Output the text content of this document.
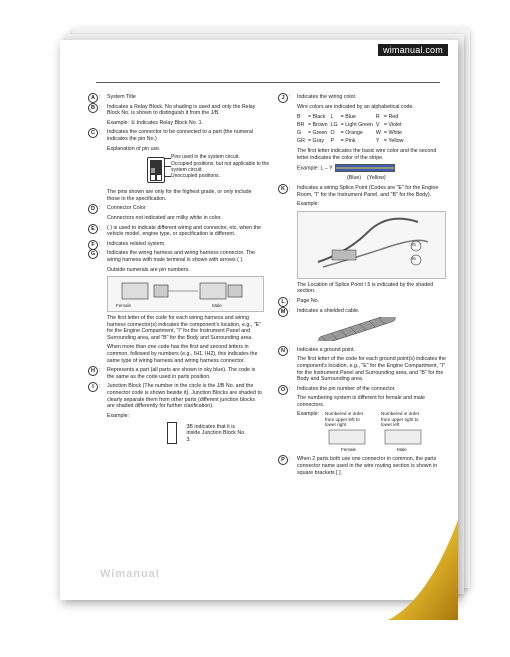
wimanual.com
A : System Title
B : Indicates a Relay Block. No shading is used and only the Relay Block No. is shown to distinguish it from the J/B.

Example: ① Indicates Relay Block No. 1.

C : Indicates the connector to be connected to a part (the numeral indicates the pin No.)

Explanation of pin use.

Pins used in the system circuit.
Occupied positions, but not applicable to the system circuit.
Unoccupied positions.

The pins shown are only for the highest grade, or only include those in the specification.

D : Connector Color

Connectors not indicated are milky white in color.

E : ( ) is used to indicate different wiring and connector, etc. when the vehicle model, engine type, or specification is different.

F : Indicates related system.

G : Indicates the wiring harness and wiring harness connector. The wiring harness with male terminal is shown with arrows ( ).

Outside numerals are pin numbers.

Female	Male

The first letter of the code for each wiring harness and wiring harness connector(s) indicates the component's location, e.g., "E" for the Engine Compartment, "I" for the Instrument Panel and Surrounding area, and "B" for the Body and Surrounding area.

When more than one code has the first and second letters in common, followed by numbers (e.g., IH1, IH2), this indicates the same type of wiring harness and wiring harness connector.

H : Represents a part (all parts are shown in sky blue). The code is the same as the code used in parts position.

I : Junction Block (The number in the circle is the J/B No. and the connector code is shown beside it). Junction Blocks are shaded to clearly separate them from other parts (different junction blocks are shaded differently for further clarification).

Example:

3B indicates that it is inside Junction Block No. 3.
J : Indicates the wiring color.

Wire colors are indicated by an alphabetical code.

B	= Black	L	= Blue	R	= Red
BR	= Brown	LG	= Light Green	V	= Violet
G	= Green	O	= Orange	W	= White
GR	= Gray	P	= Pink	Y	= Yellow

The first letter indicates the basic wire color and the second letter indicates the color of the stripe.

Example: L – Y

(Blue) (Yellow)

K : Indicates a wiring Splice Point (Codes are "E" for the Engine Room, "I" for the Instrument Panel, and "B" for the Body).

Example:

I5
I6

The Location of Splice Point I 5 is indicated by the shaded section.

L : Page No.

M : Indicates a shielded cable.

N : Indicates a ground point.

The first letter of the code for each ground point(s) indicates the component's location, e.g., "E" for the Engine Compartment, "I" for the Instrument Panel and Surrounding area, and "B" for the Body and Surrounding area.

O : Indicates the pin number of the connector.

The numbering system is different for female and male connectors.

Example: Numbered in order from upper left to lower right
Numbered in order from upper right to lower left
Female	Male
P : When 2 parts both use one connector in common, the parts connector name used in the wire routing section is shown in square brackets [ ].

Wimanual
